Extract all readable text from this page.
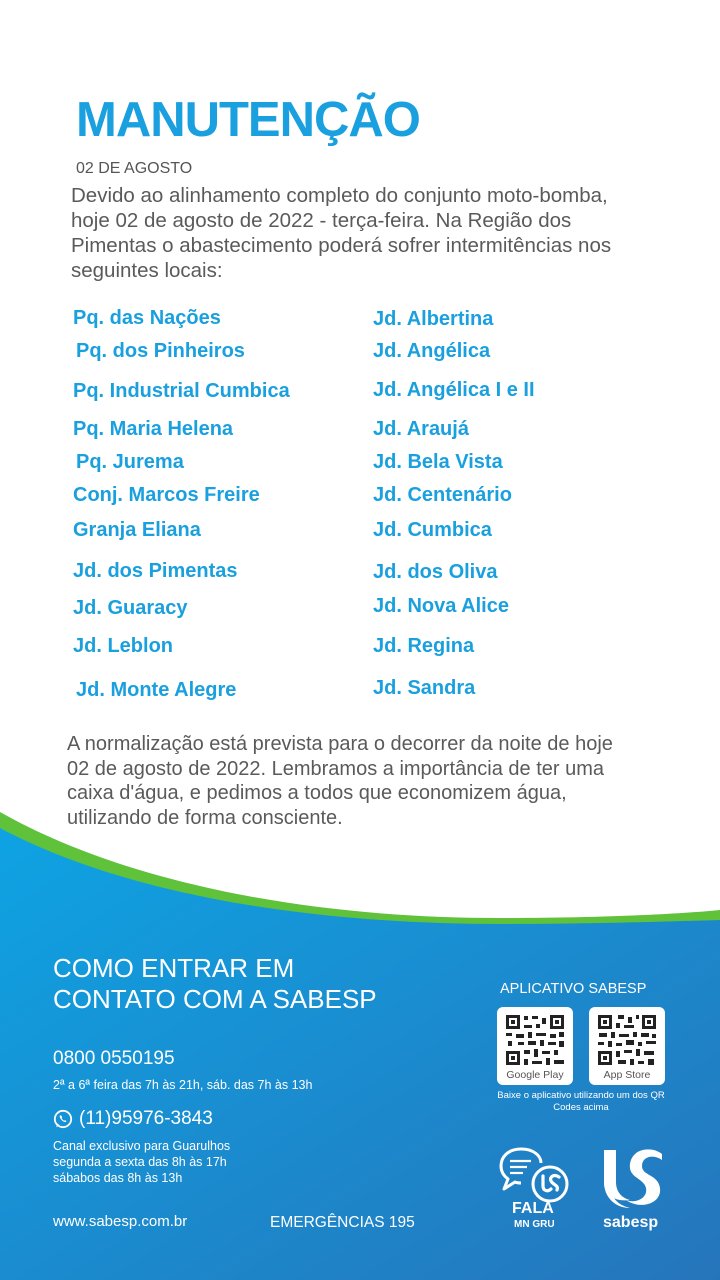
MANUTENÇÃO
02 DE AGOSTO
Devido ao alinhamento completo do conjunto moto-bomba, hoje 02 de agosto de 2022 - terça-feira. Na Região dos Pimentas o abastecimento poderá sofrer intermitências nos seguintes locais:
Pq. das Nações
Pq. dos Pinheiros
Pq. Industrial Cumbica
Pq. Maria Helena
Pq. Jurema
Conj. Marcos Freire
Granja Eliana
Jd. dos Pimentas
Jd. Guaracy
Jd. Leblon
Jd. Monte Alegre
Jd. Albertina
Jd. Angélica
Jd. Angélica I e II
Jd. Araujá
Jd. Bela Vista
Jd. Centenário
Jd. Cumbica
Jd. dos Oliva
Jd. Nova Alice
Jd. Regina
Jd. Sandra
A normalização está prevista para o decorrer da noite de hoje 02 de agosto de 2022. Lembramos a importância de ter uma caixa d'água, e pedimos a todos que economizem água, utilizando de forma consciente.
COMO ENTRAR EM
CONTATO COM A SABESP
0800 0550195
2ª a 6ª feira das 7h às 21h, sáb. das 7h às 13h
(11)95976-3843
Canal exclusivo para Guarulhos
segunda a sexta das 8h às 17h
sábabos das 8h às 13h
www.sabesp.com.br	EMERGÊNCIAS 195
APLICATIVO SABESP
Google Play	App Store
Baixe o aplicativo utilizando um dos QR Codes acima
FALA
MN GRU	sabesp
